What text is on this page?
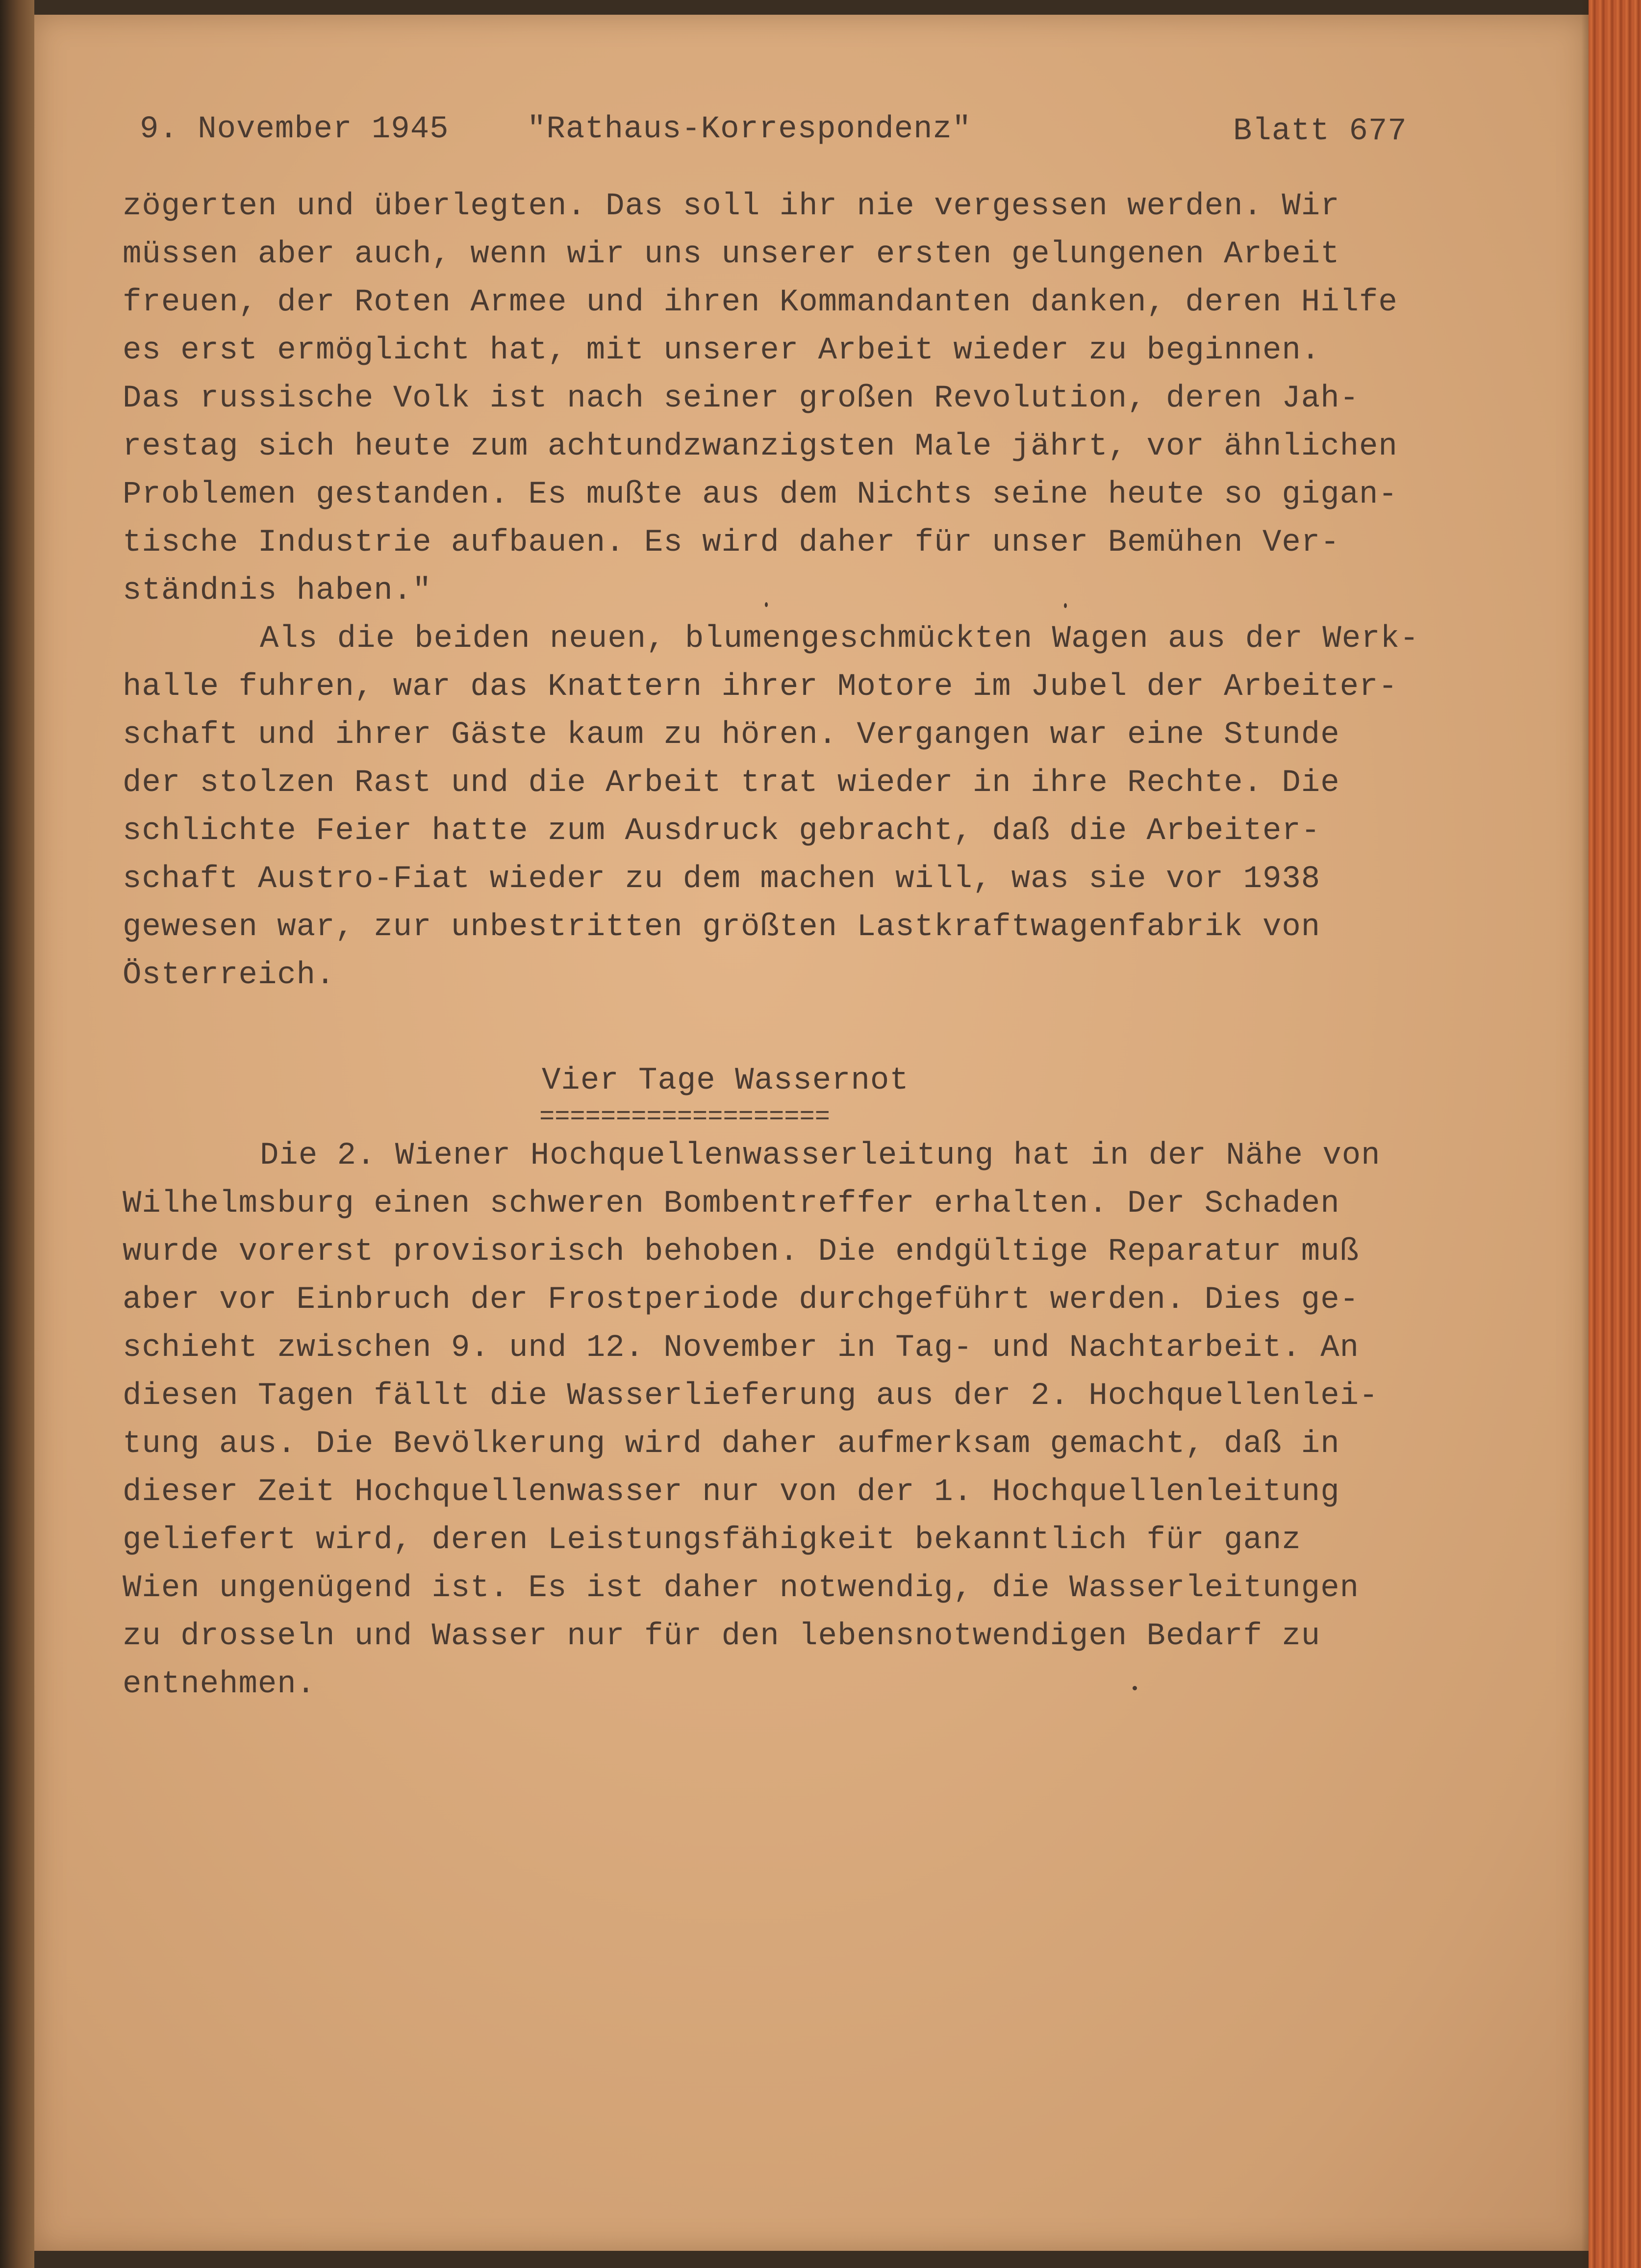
9. November 1945 "Rathaus-Korrespondenz"	Blatt 677
zögerten und überlegten. Das soll ihr nie vergessen werden. Wir
müssen aber auch, wenn wir uns unserer ersten gelungenen Arbeit
freuen, der Roten Armee und ihren Kommandanten danken, deren Hilfe
es erst ermöglicht hat, mit unserer Arbeit wieder zu beginnen.
Das russische Volk ist nach seiner großen Revolution, deren Jah-
restag sich heute zum achtundzwanzigsten Male jährt, vor ähnlichen
Problemen gestanden. Es mußte aus dem Nichts seine heute so gigan-
tische Industrie aufbauen. Es wird daher für unser Bemühen Ver-
ständnis haben."
Als die beiden neuen, blumengeschmückten Wagen aus der Werk-
halle fuhren, war das Knattern ihrer Motore im Jubel der Arbeiter-
schaft und ihrer Gäste kaum zu hören. Vergangen war eine Stunde
der stolzen Rast und die Arbeit trat wieder in ihre Rechte. Die
schlichte Feier hatte zum Ausdruck gebracht, daß die Arbeiter-
schaft Austro-Fiat wieder zu dem machen will, was sie vor 1938
gewesen war, zur unbestritten größten Lastkraftwagenfabrik von
Österreich.
Vier Tage Wassernot
===================
Die 2. Wiener Hochquellenwasserleitung hat in der Nähe von
Wilhelmsburg einen schweren Bombentreffer erhalten. Der Schaden
wurde vorerst provisorisch behoben. Die endgültige Reparatur muß
aber vor Einbruch der Frostperiode durchgeführt werden. Dies ge-
schieht zwischen 9. und 12. November in Tag- und Nachtarbeit. An
diesen Tagen fällt die Wasserlieferung aus der 2. Hochquellenlei-
tung aus. Die Bevölkerung wird daher aufmerksam gemacht, daß in
dieser Zeit Hochquellenwasser nur von der 1. Hochquellenleitung
geliefert wird, deren Leistungsfähigkeit bekanntlich für ganz
Wien ungenügend ist. Es ist daher notwendig, die Wasserleitungen
zu drosseln und Wasser nur für den lebensnotwendigen Bedarf zu
entnehmen.
